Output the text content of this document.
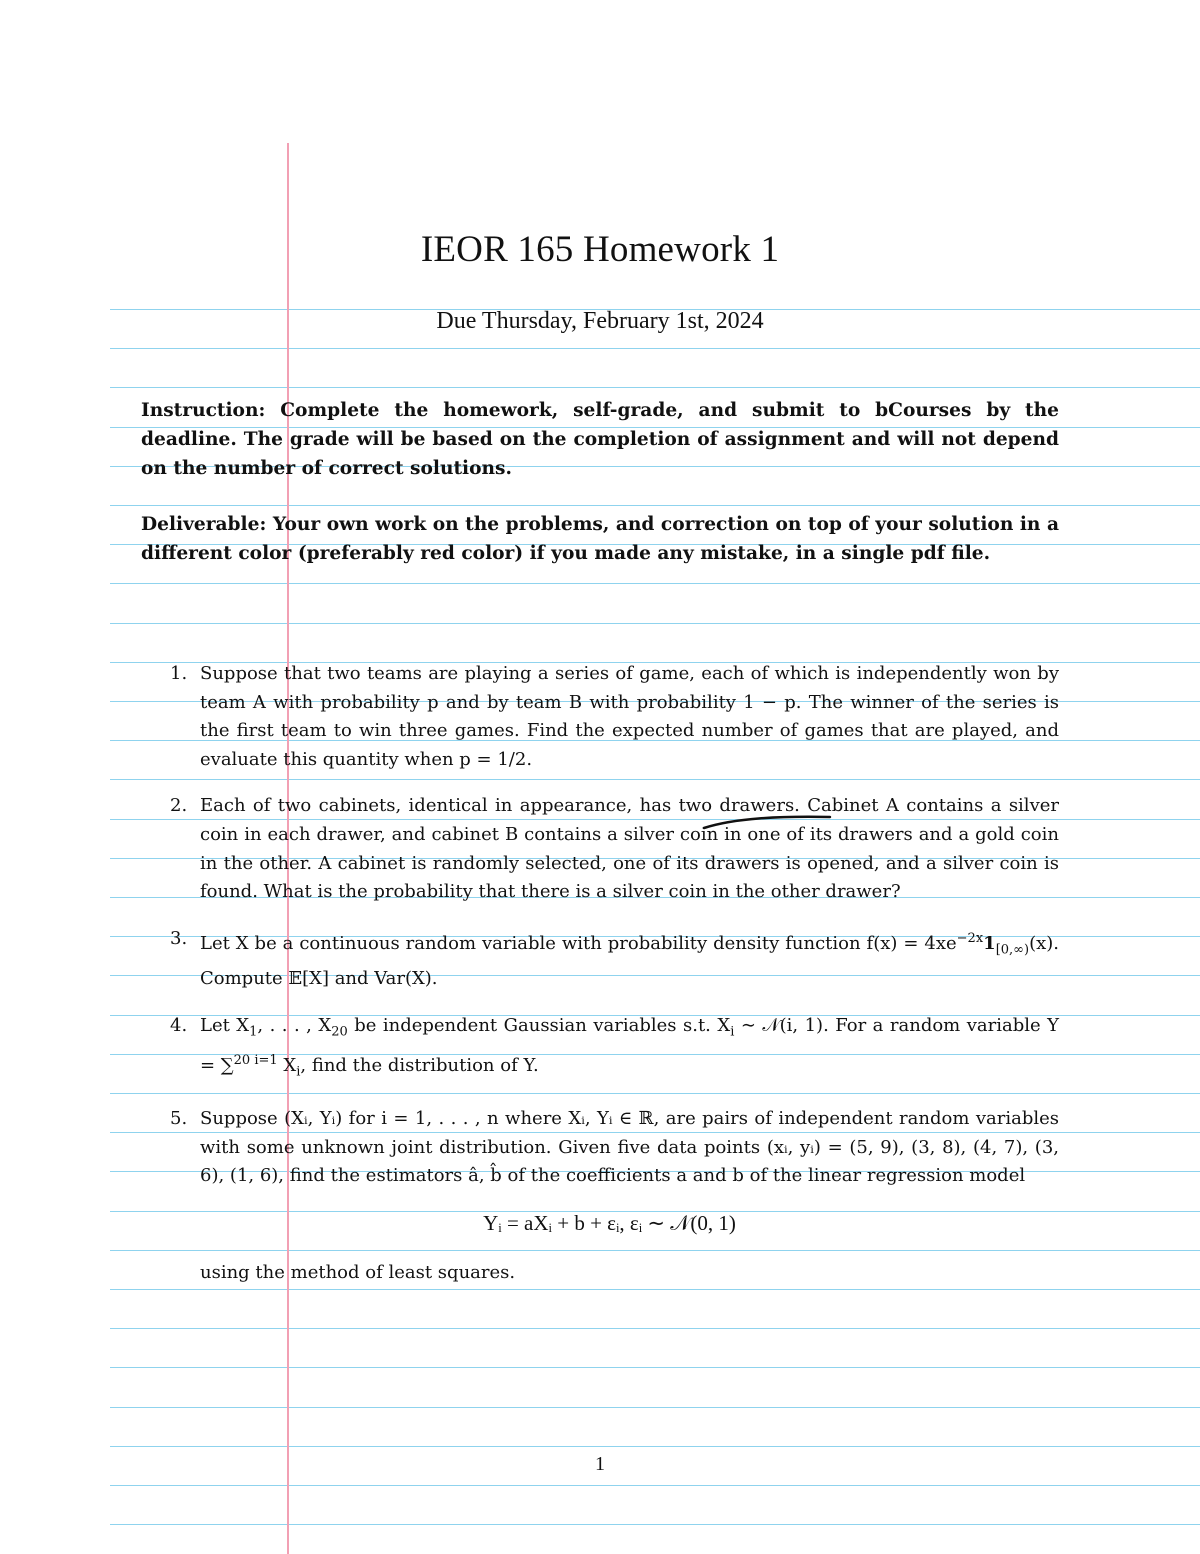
IEOR 165 Homework 1
Due Thursday, February 1st, 2024
Instruction: Complete the homework, self-grade, and submit to bCourses by the deadline. The grade will be based on the completion of assignment and will not depend on the number of correct solutions.
Deliverable: Your own work on the problems, and correction on top of your solution in a different color (preferably red color) if you made any mistake, in a single pdf file.
1. Suppose that two teams are playing a series of game, each of which is independently won by team A with probability p and by team B with probability 1 − p. The winner of the series is the first team to win three games. Find the expected number of games that are played, and evaluate this quantity when p = 1/2.
2. Each of two cabinets, identical in appearance, has two drawers. Cabinet A contains a silver coin in each drawer, and cabinet B contains a silver coin in one of its drawers and a gold coin in the other. A cabinet is randomly selected, one of its drawers is opened, and a silver coin is found. What is the probability that there is a silver coin in the other drawer?
3. Let X be a continuous random variable with probability density function $f(x) = 4xe^{-2x}1_{[0,\infty)}(x)$. Compute 𝔼[X] and Var(X).
4. Let $X_1$, . . . , $X_{20}$ be independent Gaussian variables s.t. $X_i$ ∼ 𝒩(i, 1). For a random variable Y = ∑$^{20 i=1}$ $X_i$, find the distribution of Y.
5. Suppose (Xᵢ, Yᵢ) for i = 1, . . . , n where Xᵢ, Yᵢ ∈ ℝ, are pairs of independent random variables with some unknown joint distribution. Given five data points (xᵢ, yᵢ) = (5, 9), (3, 8), (4, 7), (3, 6), (1, 6), find the estimators â, b̂ of the coefficients a and b of the linear regression model
Yᵢ = aXᵢ + b + εᵢ, εᵢ ∼ 𝒩(0, 1)
using the method of least squares.
1
